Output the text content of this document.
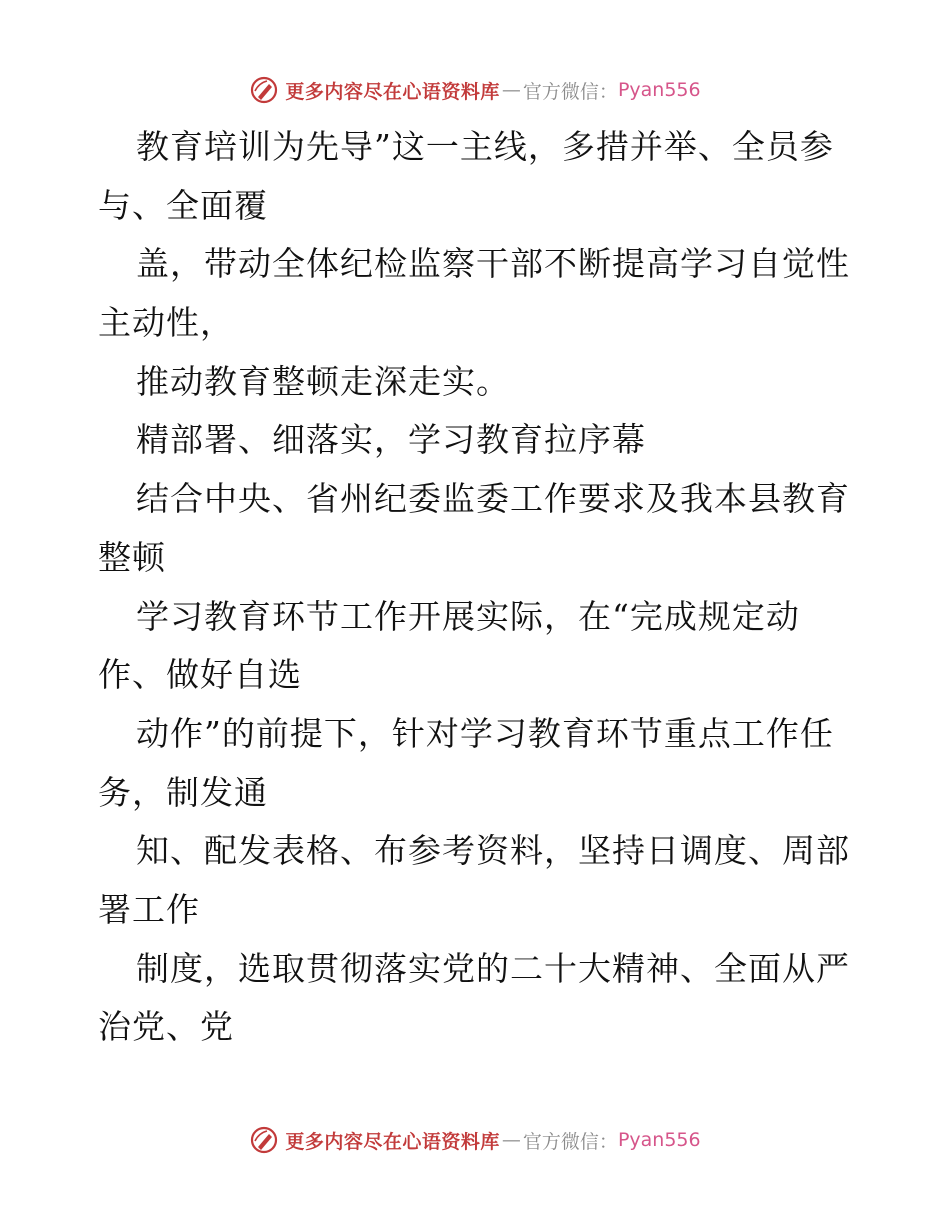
更多内容尽在心语资料库 — 官方微信： Pyan556
教育培训为先导”这一主线，多措并举、全员参
与、全面覆
盖，带动全体纪检监察干部不断提高学习自觉性
主动性，
推动教育整顿走深走实。
精部署、细落实，学习教育拉序幕
结合中央、省州纪委监委工作要求及我本县教育
整顿
学习教育环节工作开展实际，在“完成规定动
作、做好自选
动作”的前提下，针对学习教育环节重点工作任
务，制发通
知、配发表格、布参考资料，坚持日调度、周部
署工作
制度，选取贯彻落实党的二十大精神、全面从严
治党、党
更多内容尽在心语资料库 — 官方微信： Pyan556
